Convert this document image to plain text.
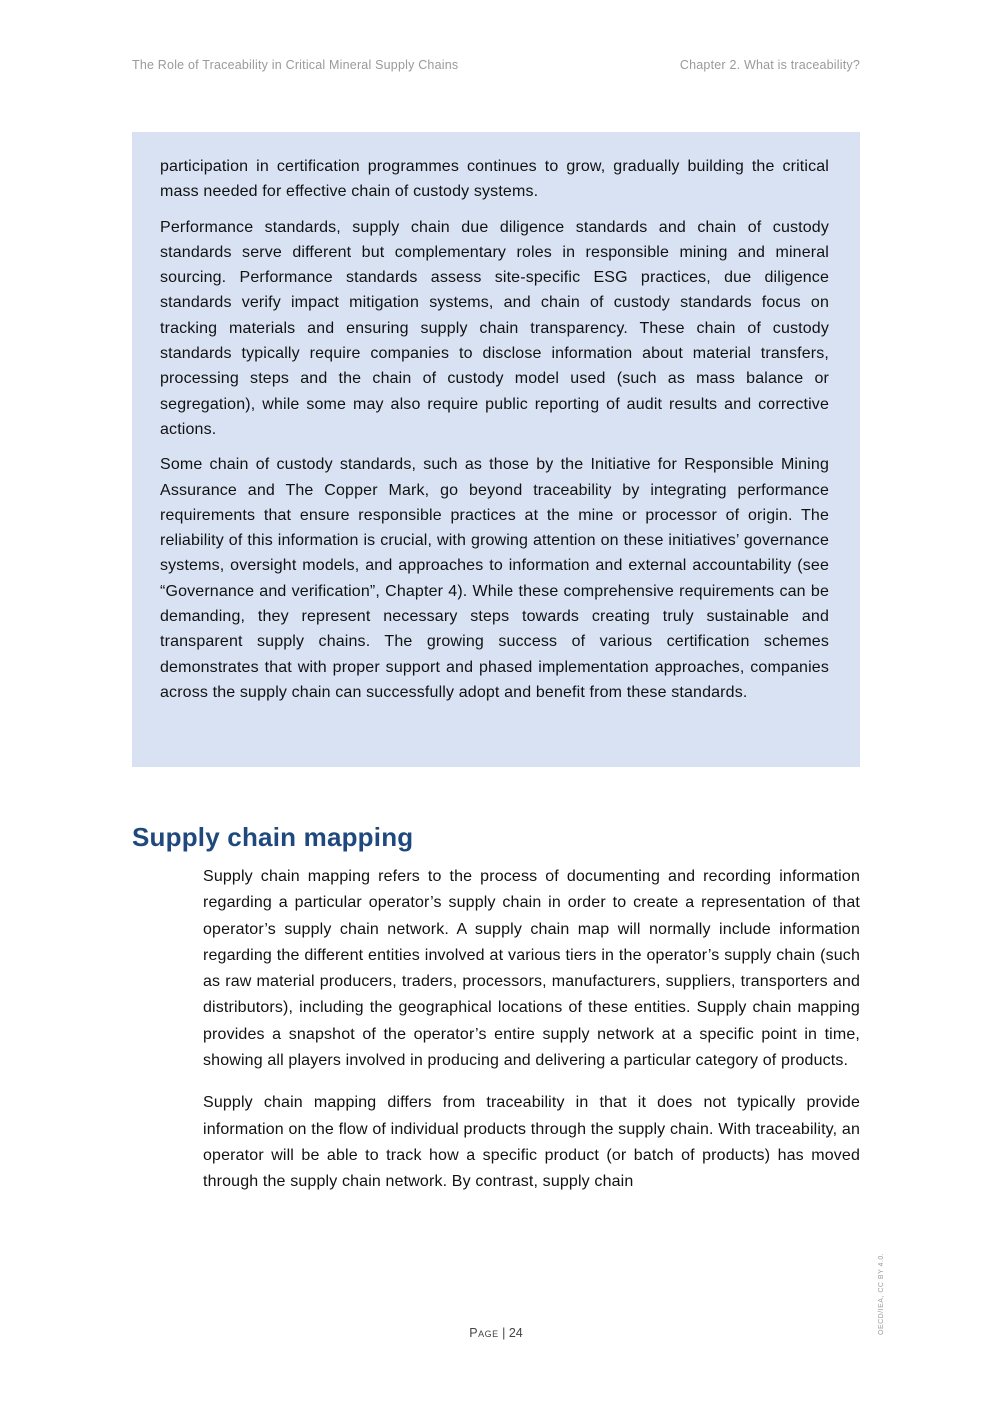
The Role of Traceability in Critical Mineral Supply Chains	Chapter 2. What is traceability?

participation in certification programmes continues to grow, gradually building the critical mass needed for effective chain of custody systems.

Performance standards, supply chain due diligence standards and chain of custody standards serve different but complementary roles in responsible mining and mineral sourcing. Performance standards assess site-specific ESG practices, due diligence standards verify impact mitigation systems, and chain of custody standards focus on tracking materials and ensuring supply chain transparency. These chain of custody standards typically require companies to disclose information about material transfers, processing steps and the chain of custody model used (such as mass balance or segregation), while some may also require public reporting of audit results and corrective actions.

Some chain of custody standards, such as those by the Initiative for Responsible Mining Assurance and The Copper Mark, go beyond traceability by integrating performance requirements that ensure responsible practices at the mine or processor of origin. The reliability of this information is crucial, with growing attention on these initiatives’ governance systems, oversight models, and approaches to information and external accountability (see “Governance and verification”, Chapter 4). While these comprehensive requirements can be demanding, they represent necessary steps towards creating truly sustainable and transparent supply chains. The growing success of various certification schemes demonstrates that with proper support and phased implementation approaches, companies across the supply chain can successfully adopt and benefit from these standards.

Supply chain mapping

Supply chain mapping refers to the process of documenting and recording information regarding a particular operator’s supply chain in order to create a representation of that operator’s supply chain network. A supply chain map will normally include information regarding the different entities involved at various tiers in the operator’s supply chain (such as raw material producers, traders, processors, manufacturers, suppliers, transporters and distributors), including the geographical locations of these entities. Supply chain mapping provides a snapshot of the operator’s entire supply network at a specific point in time, showing all players involved in producing and delivering a particular category of products.

Supply chain mapping differs from traceability in that it does not typically provide information on the flow of individual products through the supply chain. With traceability, an operator will be able to track how a specific product (or batch of products) has moved through the supply chain network. By contrast, supply chain

Page | 24	OECD/IEA, CC BY 4.0.
